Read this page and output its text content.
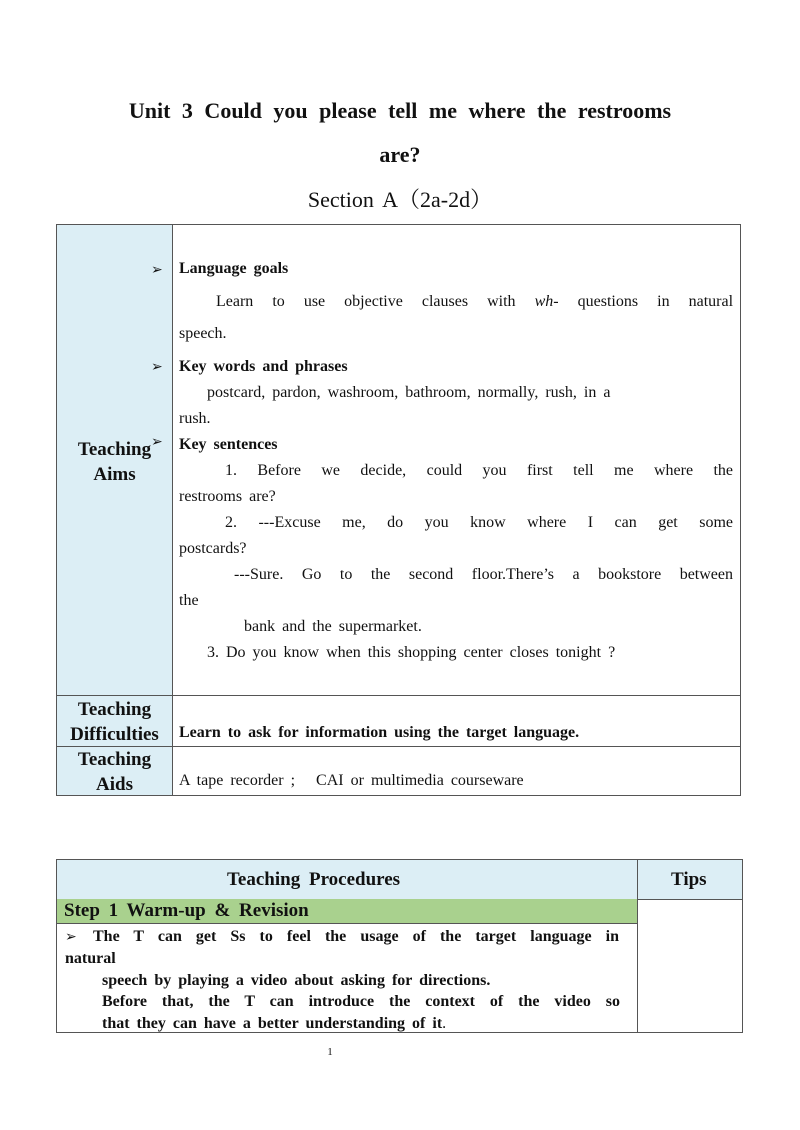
Unit 3 Could you please tell me where the restrooms
are?
Section A（2a-2d）
Teaching
Aims
Teaching
Difficulties
Teaching
Aids
➢
➢
➢
Language goals
Learn to use objective clauses with wh- questions in natural
speech.
Key words and phrases
postcard, pardon, washroom, bathroom, normally, rush, in a
rush.
Key sentences
1. Before we decide, could you first tell me where the
restrooms are?
2. ---Excuse me, do you know where I can get some
postcards?
---Sure. Go to the second floor.There’s a bookstore between
the
bank and the supermarket.
3. Do you know when this shopping center closes tonight ?
Learn to ask for information using the target language.
A tape recorder ;   CAI or multimedia courseware
Teaching Procedures	Tips
Step 1 Warm-up & Revision
➢ The T can get Ss to feel the usage of the target language in
natural
speech by playing a video about asking for directions.
Before that, the T can introduce the context of the video so
that they can have a better understanding of it.
1
